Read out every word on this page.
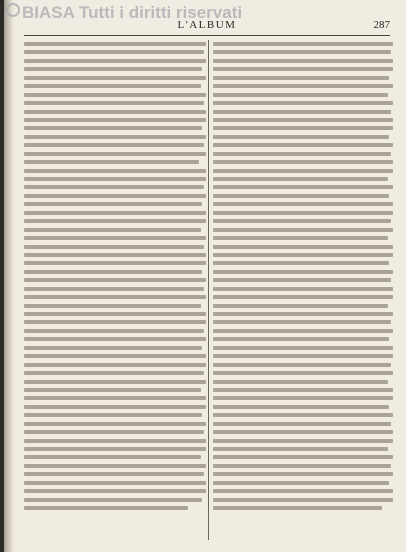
BIASA Tutti i diritti riservati
L'ALBUM	287
